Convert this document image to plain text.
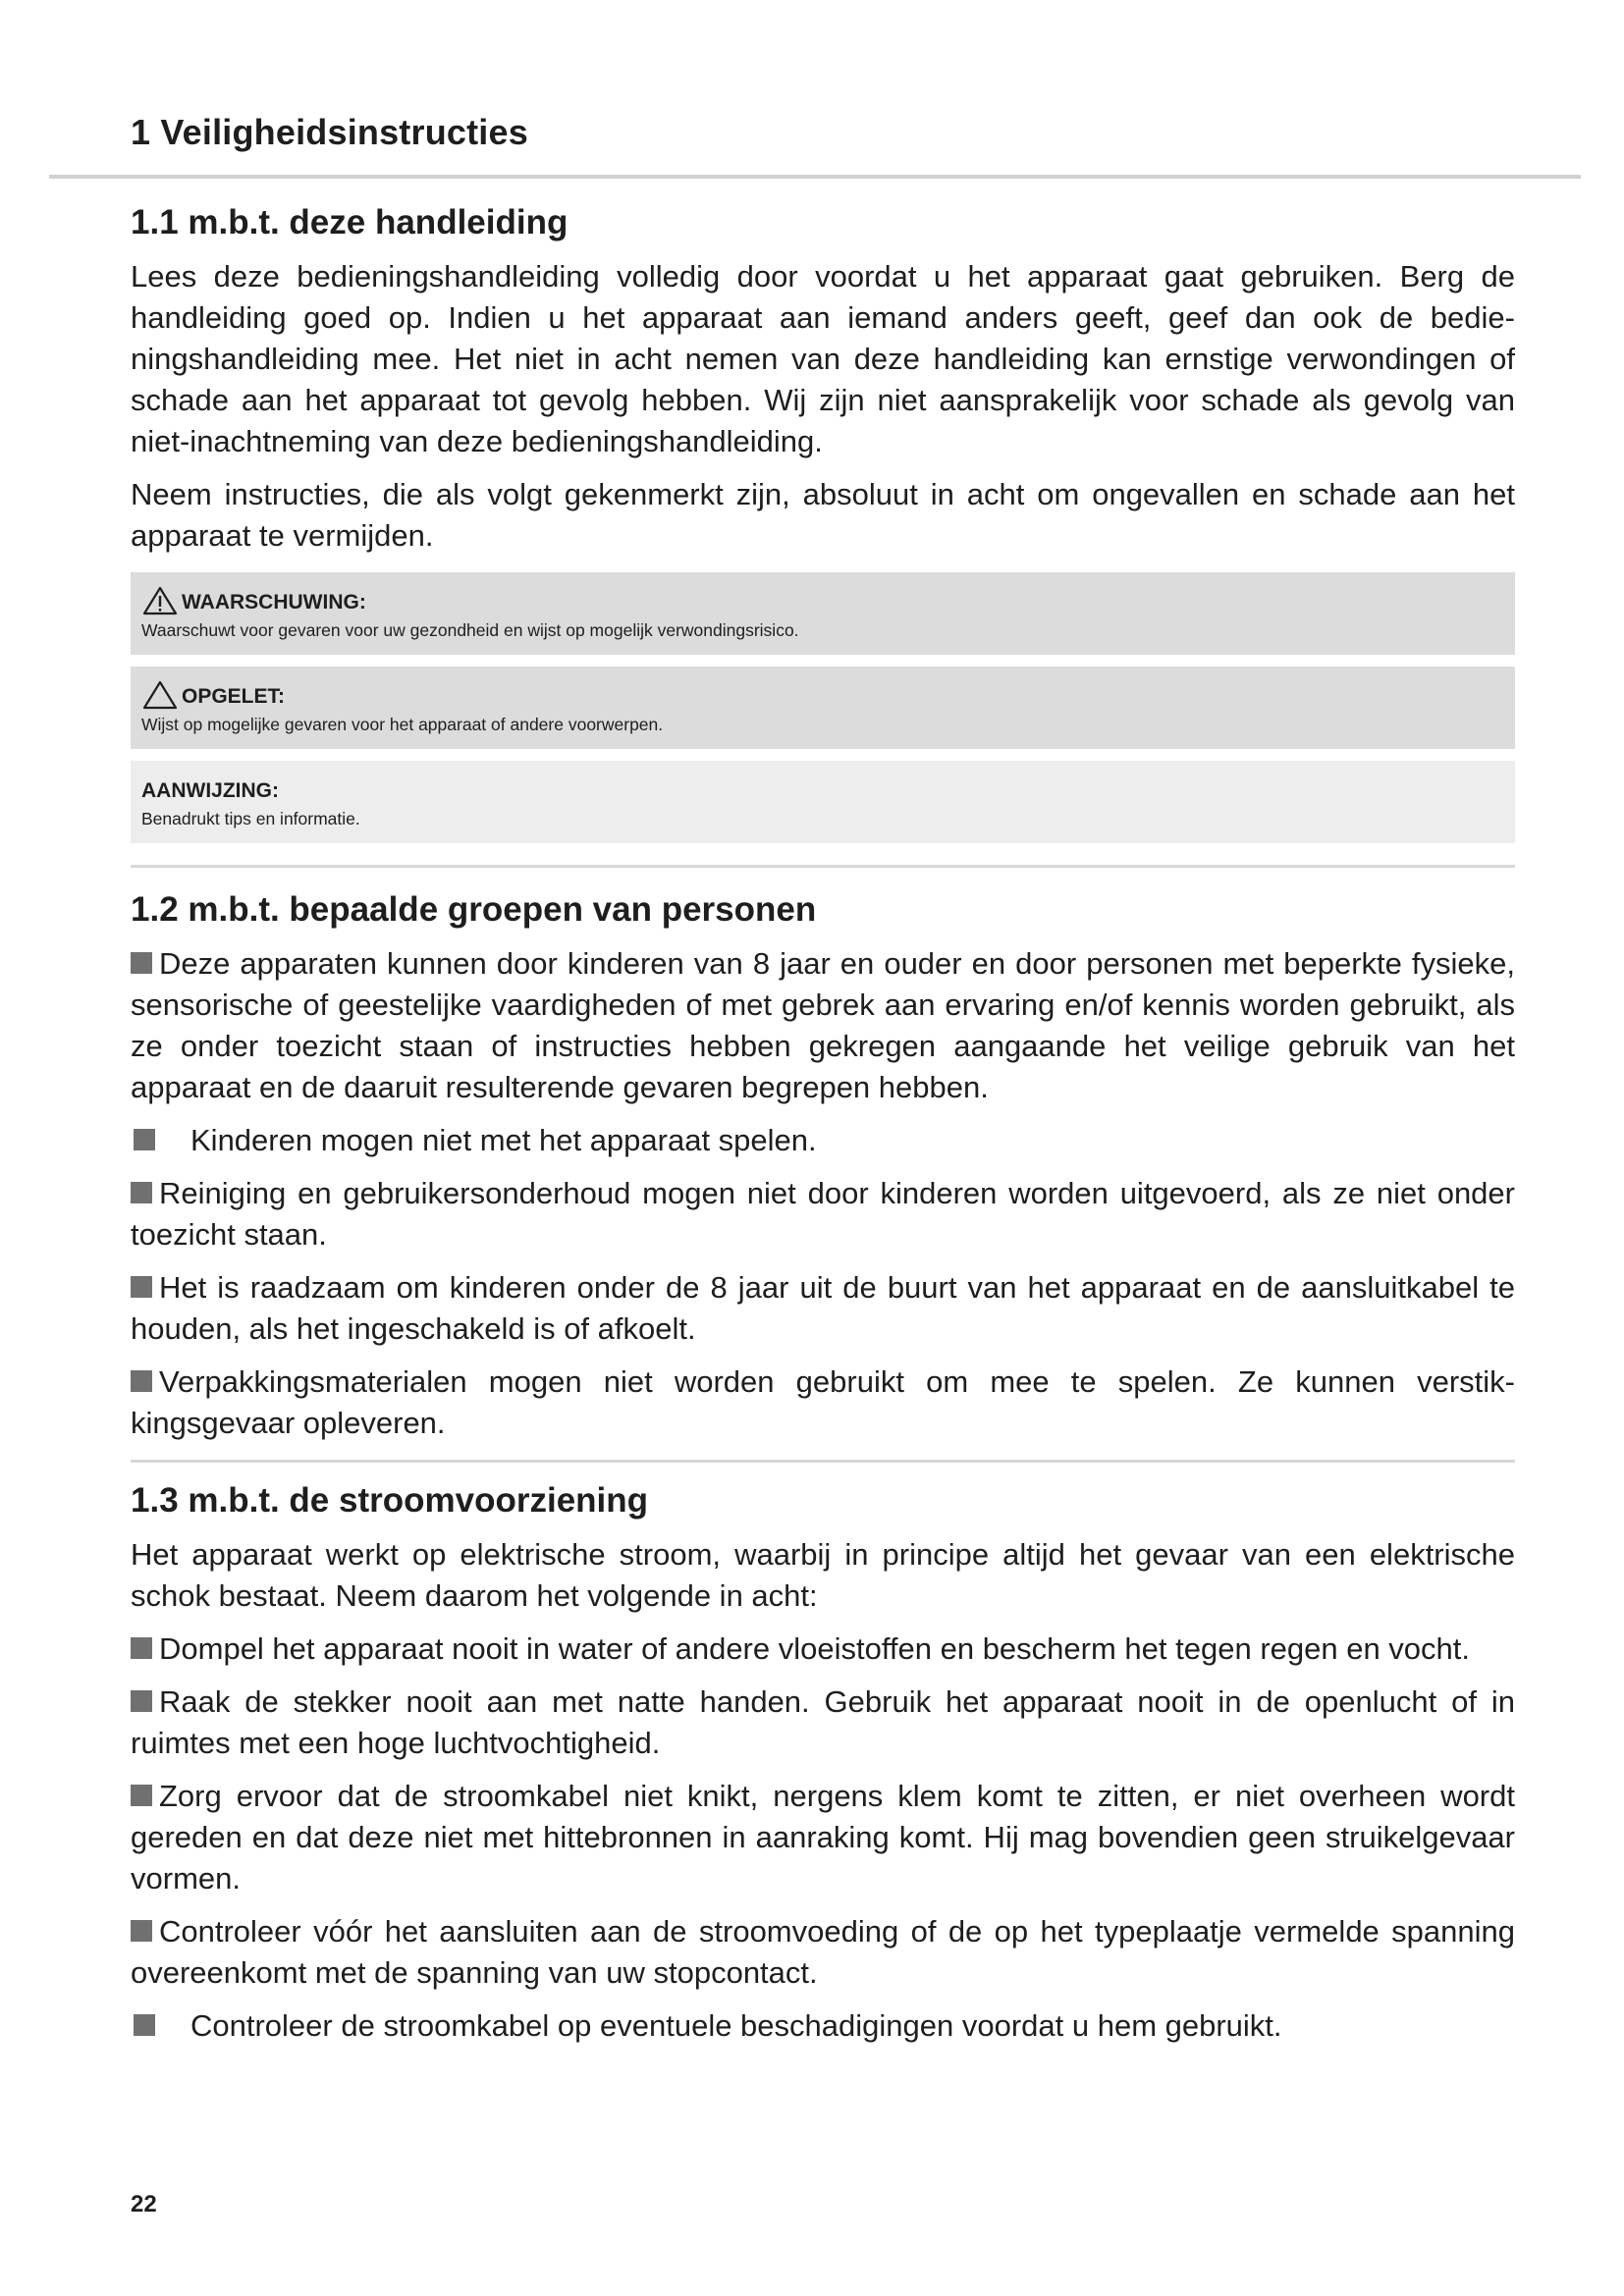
1 Veiligheidsinstructies
1.1 m.b.t. deze handleiding

Lees deze bedieningshandleiding volledig door voordat u het apparaat gaat gebruiken. Berg de handleiding goed op. Indien u het apparaat aan iemand anders geeft, geef dan ook de bedieningshandleiding mee. Het niet in acht nemen van deze handleiding kan ernstige verwondingen of schade aan het apparaat tot gevolg hebben. Wij zijn niet aansprakelijk voor schade als gevolg van niet-inachtneming van deze bedieningshandleiding.

Neem instructies, die als volgt gekenmerkt zijn, absoluut in acht om ongevallen en schade aan het apparaat te vermijden.

WAARSCHUWING:
Waarschuwt voor gevaren voor uw gezondheid en wijst op mogelijk verwondingsrisico.
OPGELET:
Wijst op mogelijke gevaren voor het apparaat of andere voorwerpen.
AANWIJZING:
Benadrukt tips en informatie.
1.2 m.b.t. bepaalde groepen van personen
Deze apparaten kunnen door kinderen van 8 jaar en ouder en door personen met beperkte fysieke, sensorische of geestelijke vaardigheden of met gebrek aan ervaring en/of kennis worden gebruikt, als ze onder toezicht staan of instructies hebben gekregen aangaande het veilige gebruik van het apparaat en de daaruit resulterende gevaren begrepen hebben.
Kinderen mogen niet met het apparaat spelen.
Reiniging en gebruikersonderhoud mogen niet door kinderen worden uitgevoerd, als ze niet onder toezicht staan.
Het is raadzaam om kinderen onder de 8 jaar uit de buurt van het apparaat en de aansluitkabel te houden, als het ingeschakeld is of afkoelt.
Verpakkingsmaterialen mogen niet worden gebruikt om mee te spelen. Ze kunnen verstikkingsgevaar opleveren.
1.3 m.b.t. de stroomvoorziening

Het apparaat werkt op elektrische stroom, waarbij in principe altijd het gevaar van een elektrische schok bestaat. Neem daarom het volgende in acht:

Dompel het apparaat nooit in water of andere vloeistoffen en bescherm het tegen regen en vocht.
Raak de stekker nooit aan met natte handen. Gebruik het apparaat nooit in de openlucht of in ruimtes met een hoge luchtvochtigheid.
Zorg ervoor dat de stroomkabel niet knikt, nergens klem komt te zitten, er niet overheen wordt gereden en dat deze niet met hittebronnen in aanraking komt. Hij mag bovendien geen struikelgevaar vormen.
Controleer vóór het aansluiten aan de stroomvoeding of de op het typeplaatje vermelde spanning overeenkomt met de spanning van uw stopcontact.
Controleer de stroomkabel op eventuele beschadigingen voordat u hem gebruikt.
22
